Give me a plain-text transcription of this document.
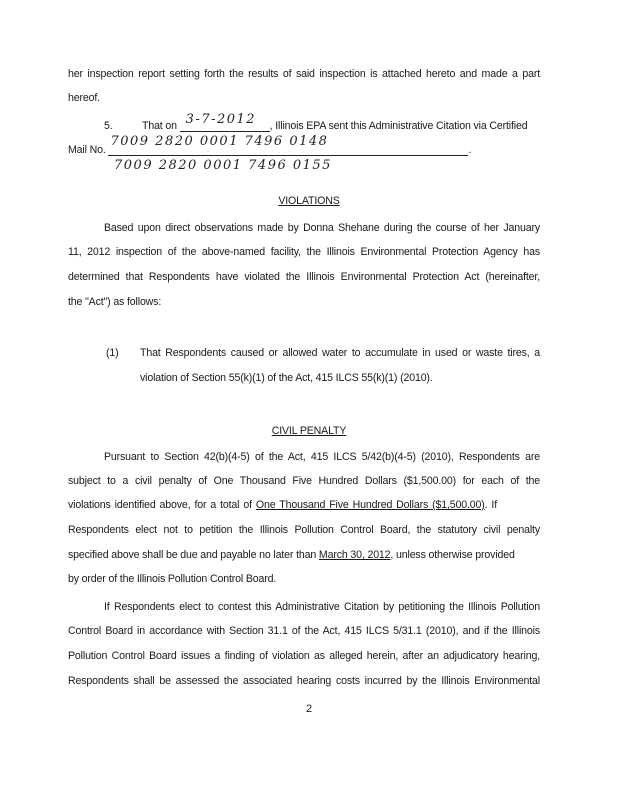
her inspection report setting forth the results of said inspection is attached hereto and made a part
hereof.
5.	That on 3-7-2012 , Illinois EPA sent this Administrative Citation via Certified
Mail No.
7009 2820 0001 7496 0148
.
7009 2820 0001 7496 0155
VIOLATIONS
Based upon direct observations made by Donna Shehane during the course of her January
11, 2012 inspection of the above-named facility, the Illinois Environmental Protection Agency has
determined that Respondents have violated the Illinois Environmental Protection Act (hereinafter,
the "Act") as follows:
(1)	That Respondents caused or allowed water to accumulate in used or waste tires, a
violation of Section 55(k)(1) of the Act, 415 ILCS 55(k)(1) (2010).
CIVIL PENALTY
Pursuant to Section 42(b)(4-5) of the Act, 415 ILCS 5/42(b)(4-5) (2010), Respondents are
subject to a civil penalty of One Thousand Five Hundred Dollars ($1,500.00) for each of the
violations identified above, for a total of One Thousand Five Hundred Dollars ($1,500.00). If
Respondents elect not to petition the Illinois Pollution Control Board, the statutory civil penalty
specified above shall be due and payable no later than March 30, 2012, unless otherwise provided
by order of the Illinois Pollution Control Board.
If Respondents elect to contest this Administrative Citation by petitioning the Illinois Pollution
Control Board in accordance with Section 31.1 of the Act, 415 ILCS 5/31.1 (2010), and if the Illinois
Pollution Control Board issues a finding of violation as alleged herein, after an adjudicatory hearing,
Respondents shall be assessed the associated hearing costs incurred by the Illinois Environmental
2
